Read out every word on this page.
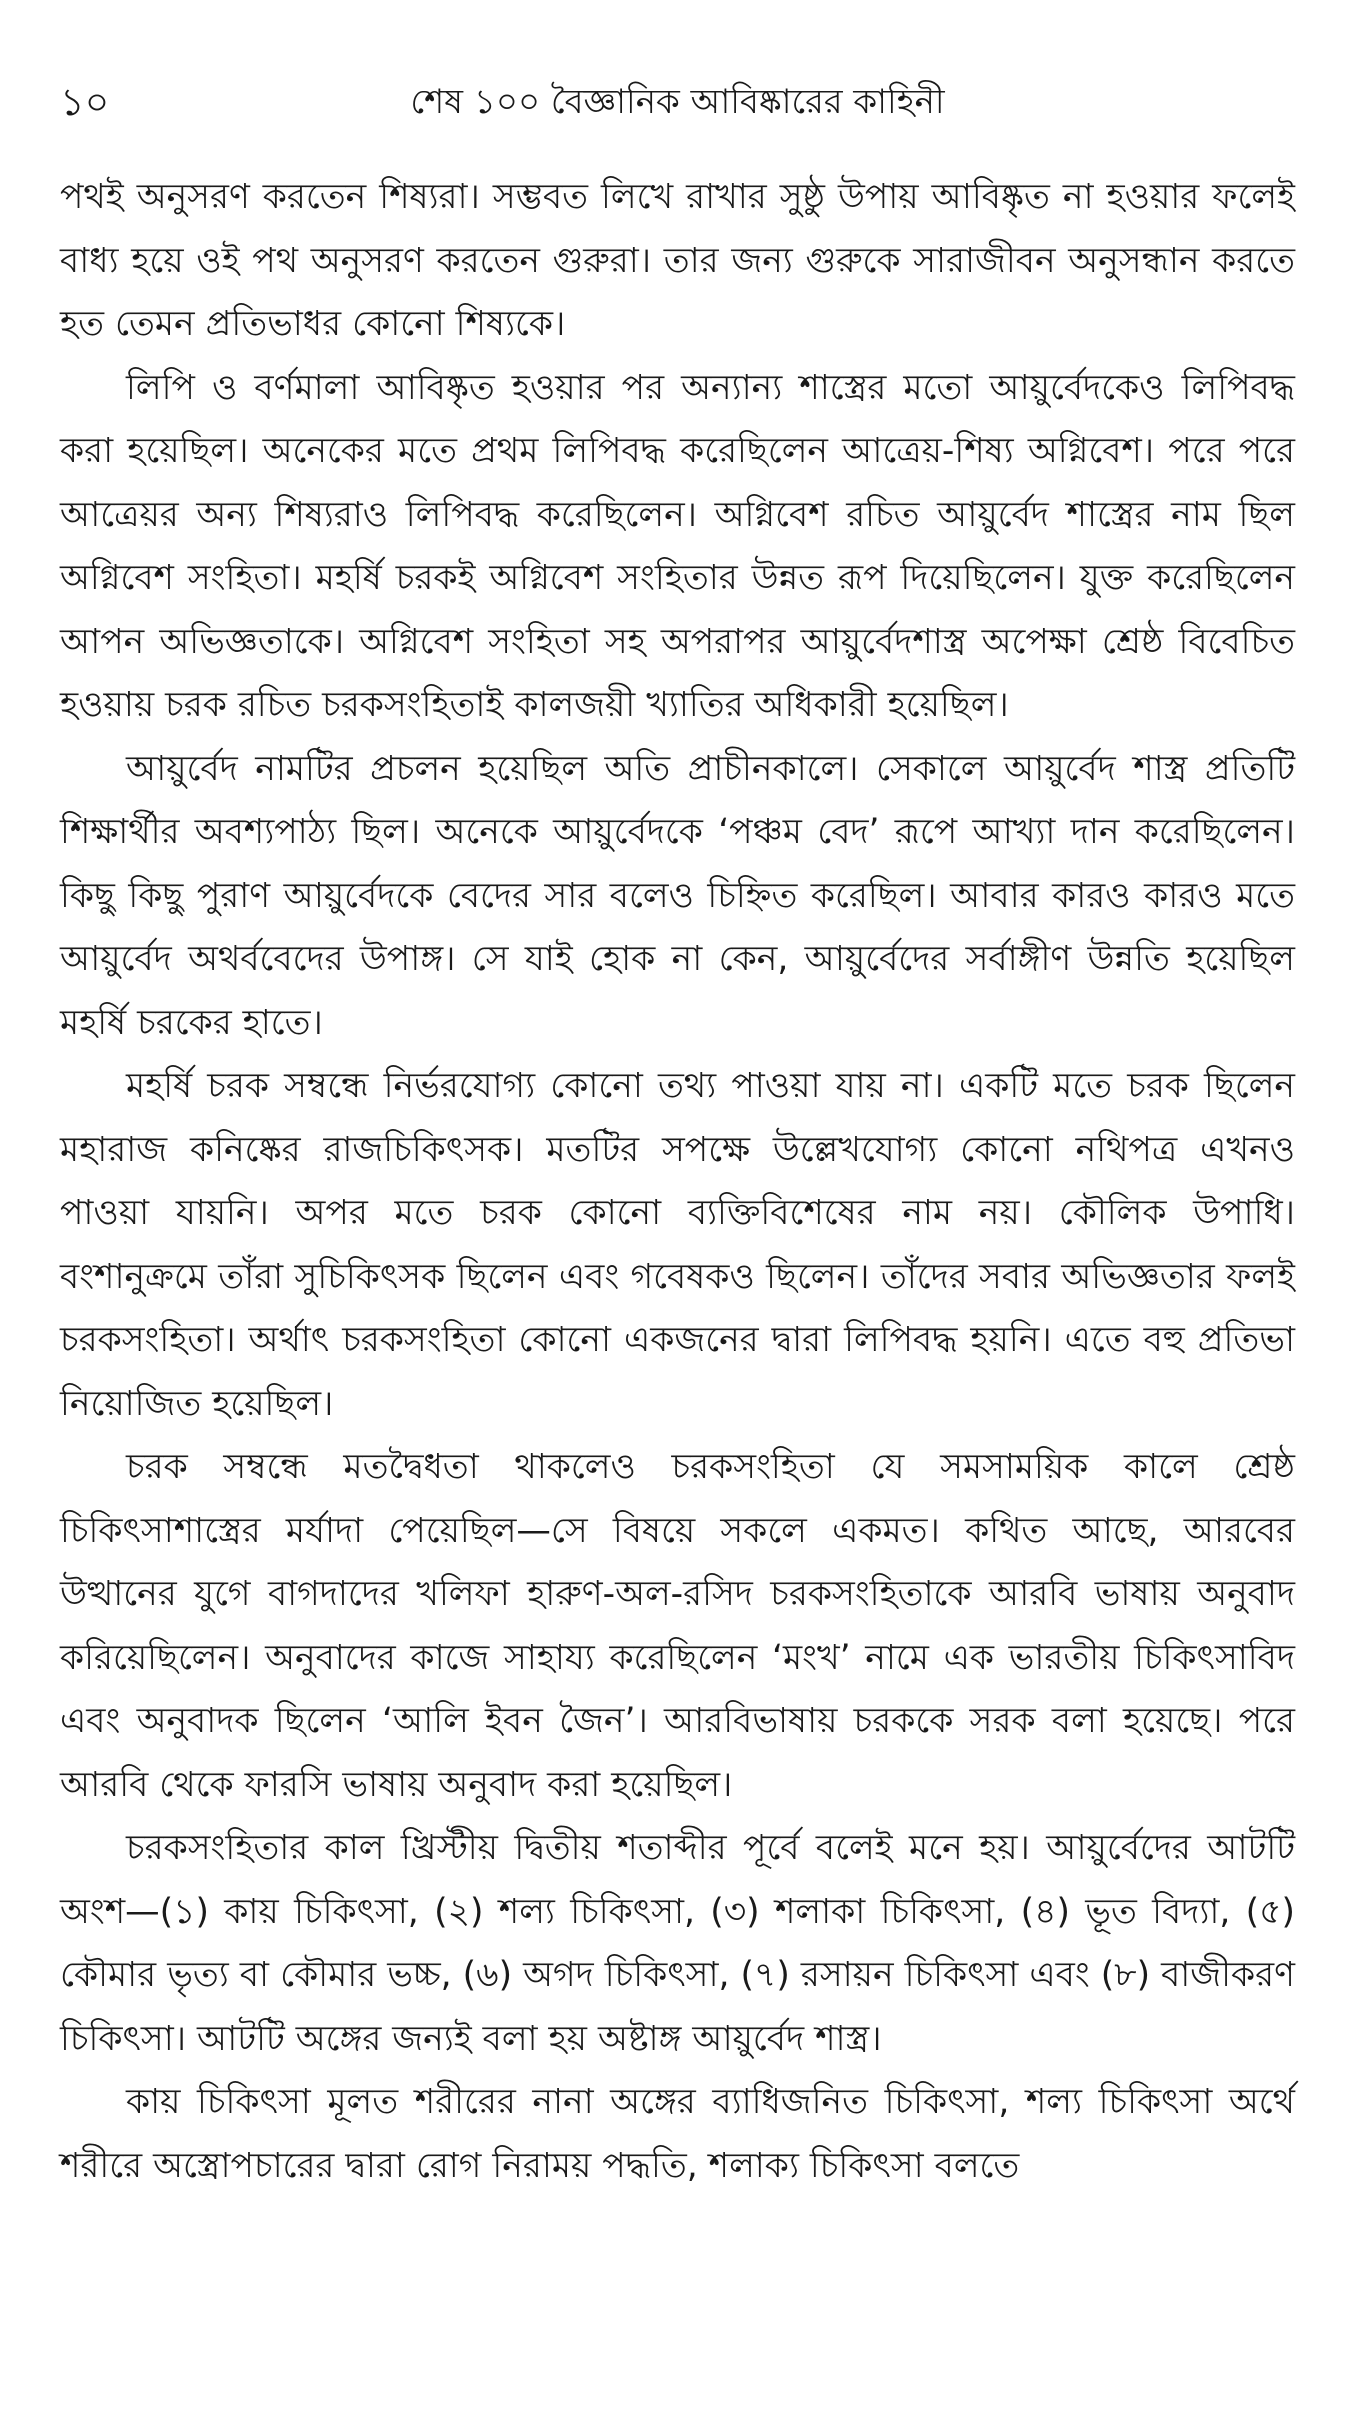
১০	শেষ ১০০ বৈজ্ঞানিক আবিষ্কারের কাহিনী

পথই অনুসরণ করতেন শিষ্যরা। সম্ভবত লিখে রাখার সুষ্ঠু উপায় আবিষ্কৃত না হওয়ার ফলেই বাধ্য হয়ে ওই পথ অনুসরণ করতেন গুরুরা। তার জন্য গুরুকে সারাজীবন অনুসন্ধান করতে হত তেমন প্রতিভাধর কোনো শিষ্যকে।

লিপি ও বর্ণমালা আবিষ্কৃত হওয়ার পর অন্যান্য শাস্ত্রের মতো আয়ুর্বেদকেও লিপিবদ্ধ করা হয়েছিল। অনেকের মতে প্রথম লিপিবদ্ধ করেছিলেন আত্রেয়-শিষ্য অগ্নিবেশ। পরে পরে আত্রেয়র অন্য শিষ্যরাও লিপিবদ্ধ করেছিলেন। অগ্নিবেশ রচিত আয়ুর্বেদ শাস্ত্রের নাম ছিল অগ্নিবেশ সংহিতা। মহর্ষি চরকই অগ্নিবেশ সংহিতার উন্নত রূপ দিয়েছিলেন। যুক্ত করেছিলেন আপন অভিজ্ঞতাকে। অগ্নিবেশ সংহিতা সহ অপরাপর আয়ুর্বেদশাস্ত্র অপেক্ষা শ্রেষ্ঠ বিবেচিত হওয়ায় চরক রচিত চরকসংহিতাই কালজয়ী খ্যাতির অধিকারী হয়েছিল।

আয়ুর্বেদ নামটির প্রচলন হয়েছিল অতি প্রাচীনকালে। সেকালে আয়ুর্বেদ শাস্ত্র প্রতিটি শিক্ষার্থীর অবশ্যপাঠ্য ছিল। অনেকে আয়ুর্বেদকে ‘পঞ্চম বেদ’ রূপে আখ্যা দান করেছিলেন। কিছু কিছু পুরাণ আয়ুর্বেদকে বেদের সার বলেও চিহ্নিত করেছিল। আবার কারও কারও মতে আয়ুর্বেদ অথর্ববেদের উপাঙ্গ। সে যাই হোক না কেন, আয়ুর্বেদের সর্বাঙ্গীণ উন্নতি হয়েছিল মহর্ষি চরকের হাতে।

মহর্ষি চরক সম্বন্ধে নির্ভরযোগ্য কোনো তথ্য পাওয়া যায় না। একটি মতে চরক ছিলেন মহারাজ কনিষ্কের রাজচিকিৎসক। মতটির সপক্ষে উল্লেখযোগ্য কোনো নথিপত্র এখনও পাওয়া যায়নি। অপর মতে চরক কোনো ব্যক্তিবিশেষের নাম নয়। কৌলিক উপাধি। বংশানুক্রমে তাঁরা সুচিকিৎসক ছিলেন এবং গবেষকও ছিলেন। তাঁদের সবার অভিজ্ঞতার ফলই চরকসংহিতা। অর্থাৎ চরকসংহিতা কোনো একজনের দ্বারা লিপিবদ্ধ হয়নি। এতে বহু প্রতিভা নিয়োজিত হয়েছিল।

চরক সম্বন্ধে মতদ্বৈধতা থাকলেও চরকসংহিতা যে সমসাময়িক কালে শ্রেষ্ঠ চিকিৎসাশাস্ত্রের মর্যাদা পেয়েছিল—সে বিষয়ে সকলে একমত। কথিত আছে, আরবের উত্থানের যুগে বাগদাদের খলিফা হারুণ-অল-রসিদ চরকসংহিতাকে আরবি ভাষায় অনুবাদ করিয়েছিলেন। অনুবাদের কাজে সাহায্য করেছিলেন ‘মংখ’ নামে এক ভারতীয় চিকিৎসাবিদ এবং অনুবাদক ছিলেন ‘আলি ইবন জৈন’। আরবিভাষায় চরককে সরক বলা হয়েছে। পরে আরবি থেকে ফারসি ভাষায় অনুবাদ করা হয়েছিল।

চরকসংহিতার কাল খ্রিস্টীয় দ্বিতীয় শতাব্দীর পূর্বে বলেই মনে হয়। আয়ুর্বেদের আটটি অংশ—(১) কায় চিকিৎসা, (২) শল্য চিকিৎসা, (৩) শলাকা চিকিৎসা, (৪) ভূত বিদ্যা, (৫) কৌমার ভৃত্য বা কৌমার ভচ্চ, (৬) অগদ চিকিৎসা, (৭) রসায়ন চিকিৎসা এবং (৮) বাজীকরণ চিকিৎসা। আটটি অঙ্গের জন্যই বলা হয় অষ্টাঙ্গ আয়ুর্বেদ শাস্ত্র।

কায় চিকিৎসা মূলত শরীরের নানা অঙ্গের ব্যাধিজনিত চিকিৎসা, শল্য চিকিৎসা অর্থে শরীরে অস্ত্রোপচারের দ্বারা রোগ নিরাময় পদ্ধতি, শলাক্য চিকিৎসা বলতে
